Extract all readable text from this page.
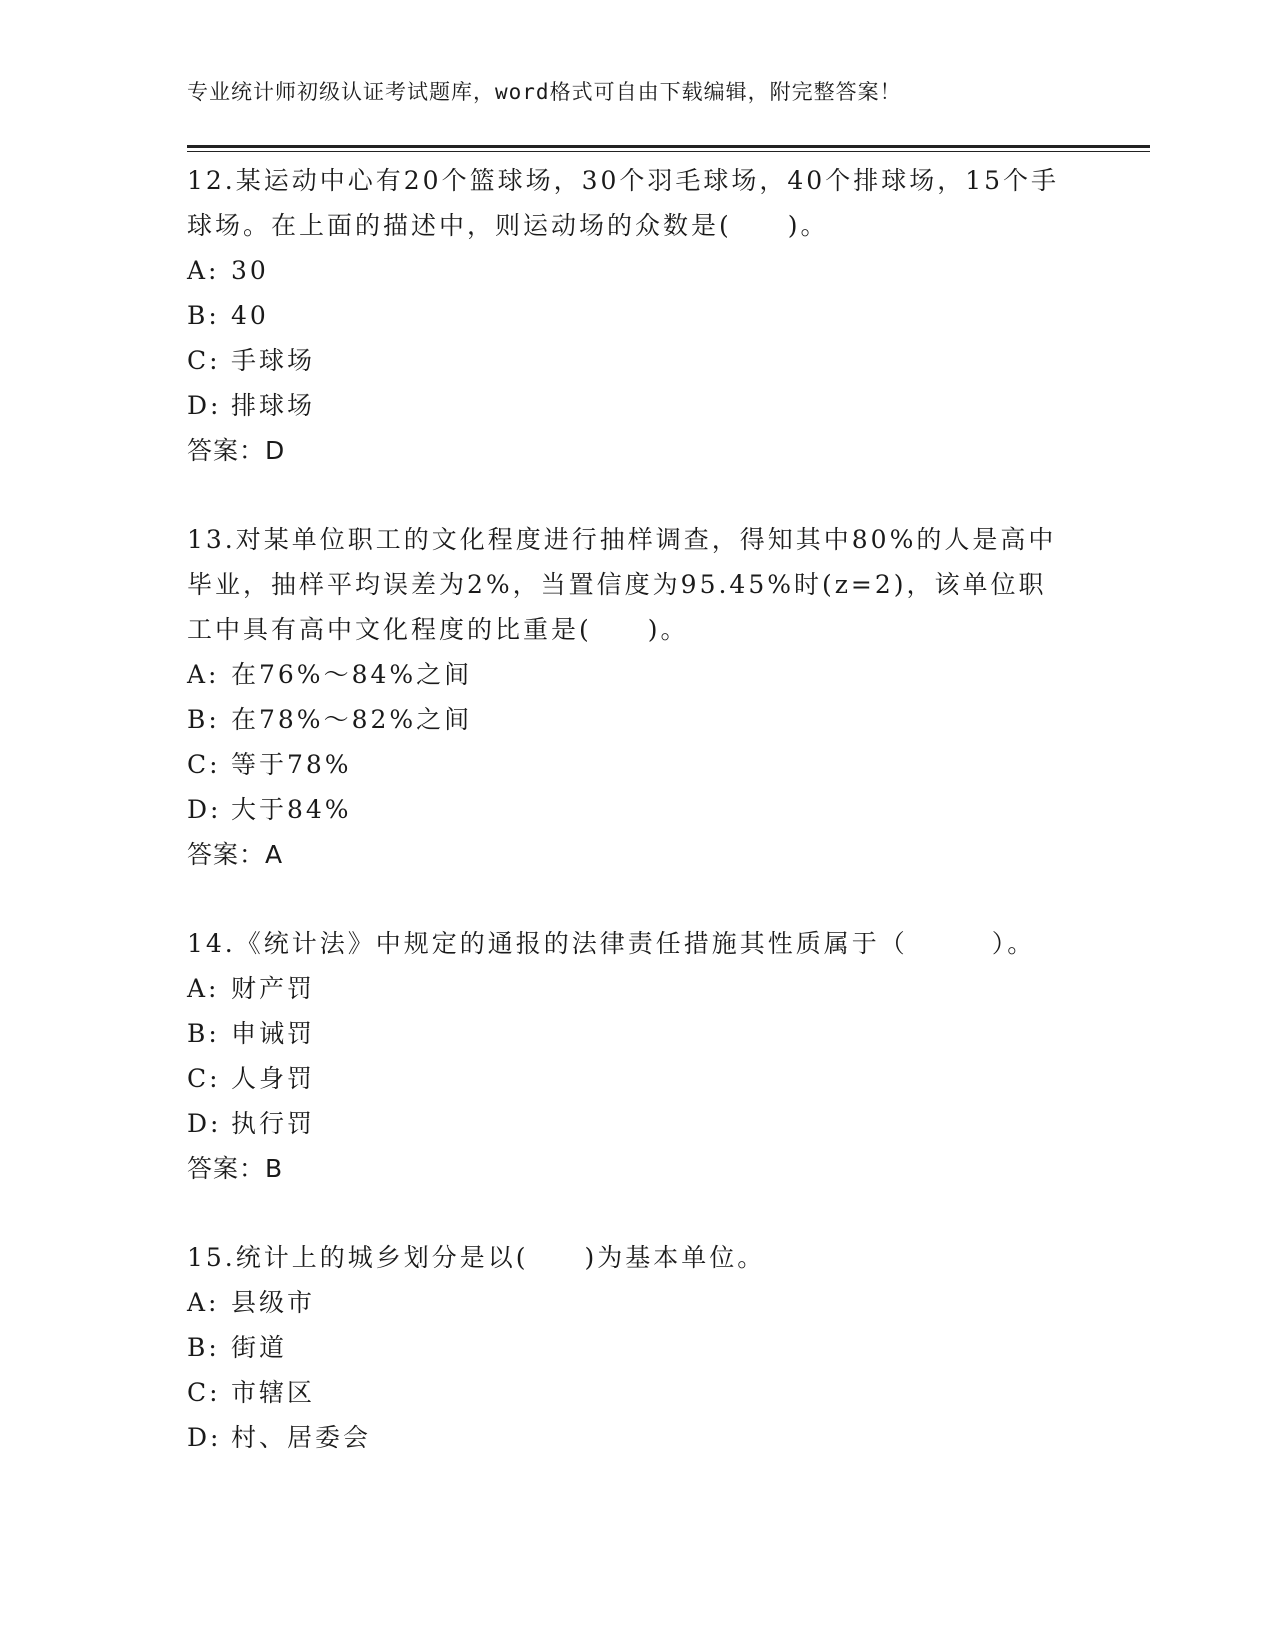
专业统计师初级认证考试题库，word格式可自由下载编辑，附完整答案！
12.某运动中心有20个篮球场，30个羽毛球场，40个排球场，15个手球场。在上面的描述中，则运动场的众数是(　　)。
A: 30
B: 40
C: 手球场
D: 排球场
答案：D
13.对某单位职工的文化程度进行抽样调查，得知其中80%的人是高中毕业，抽样平均误差为2%，当置信度为95.45%时(z=2)，该单位职工中具有高中文化程度的比重是(　　)。
A: 在76%～84%之间
B: 在78%～82%之间
C: 等于78%
D: 大于84%
答案：A
14.《统计法》中规定的通报的法律责任措施其性质属于（　　　）。
A: 财产罚
B: 申诫罚
C: 人身罚
D: 执行罚
答案：B
15.统计上的城乡划分是以(　　)为基本单位。
A: 县级市
B: 街道
C: 市辖区
D: 村、居委会
